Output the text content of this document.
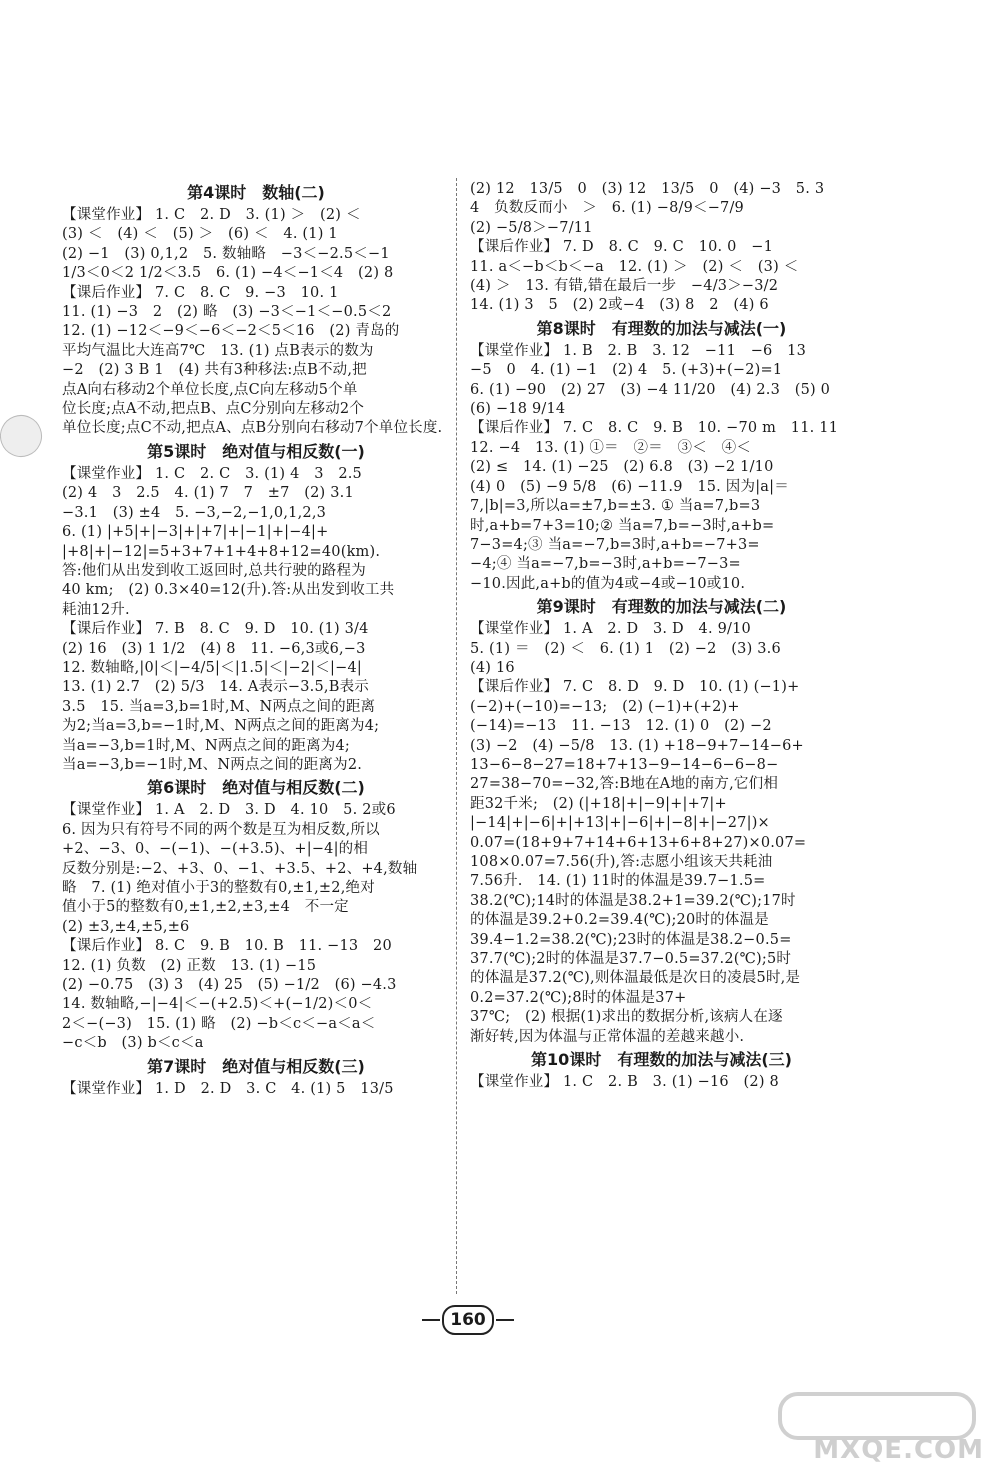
第4课时　数轴(二)

【课堂作业】 1. C　2. D　3. (1) ＞　(2) ＜

(3) ＜　(4) ＜　(5) ＞　(6) ＜　4. (1) 1

(2) −1　(3) 0,1,2　5. 数轴略　−3＜−2.5＜−1

1/3＜0＜2 1/2＜3.5　6. (1) −4＜−1＜4　(2) 8

【课后作业】 7. C　8. C　9. −3　10. 1

11. (1) −3　2　(2) 略　(3) −3＜−1＜−0.5＜2

12. (1) −12＜−9＜−6＜−2＜5＜16　(2) 青岛的

平均气温比大连高7℃　13. (1) 点B表示的数为

−2　(2) 3 B 1　(4) 共有3种移法:点B不动,把

点A向右移动2个单位长度,点C向左移动5个单

位长度;点A不动,把点B、点C分别向左移动2个

单位长度;点C不动,把点A、点B分别向右移动7个单位长度.

第5课时　绝对值与相反数(一)

【课堂作业】 1. C　2. C　3. (1) 4　3　2.5

(2) 4　3　2.5　4. (1) 7　7　±7　(2) 3.1

−3.1　(3) ±4　5. −3,−2,−1,0,1,2,3

6. (1) |+5|+|−3|+|+7|+|−1|+|−4|+

|+8|+|−12|=5+3+7+1+4+8+12=40(km).

答:他们从出发到收工返回时,总共行驶的路程为

40 km;　(2) 0.3×40=12(升).答:从出发到收工共

耗油12升.

【课后作业】 7. B　8. C　9. D　10. (1) 3/4

(2) 16　(3) 1 1/2　(4) 8　11. −6,3或6,−3

12. 数轴略,|0|＜|−4/5|＜|1.5|＜|−2|＜|−4|

13. (1) 2.7　(2) 5/3　14. A表示−3.5,B表示

3.5　15. 当a=3,b=1时,M、N两点之间的距离

为2;当a=3,b=−1时,M、N两点之间的距离为4;

当a=−3,b=1时,M、N两点之间的距离为4;

当a=−3,b=−1时,M、N两点之间的距离为2.

第6课时　绝对值与相反数(二)

【课堂作业】 1. A　2. D　3. D　4. 10　5. 2或6

6. 因为只有符号不同的两个数是互为相反数,所以

+2、−3、0、−(−1)、−(+3.5)、+|−4|的相

反数分别是:−2、+3、0、−1、+3.5、+2、+4,数轴

略　7. (1) 绝对值小于3的整数有0,±1,±2,绝对

值小于5的整数有0,±1,±2,±3,±4　不一定

(2) ±3,±4,±5,±6

【课后作业】 8. C　9. B　10. B　11. −13　20

12. (1) 负数　(2) 正数　13. (1) −15

(2) −0.75　(3) 3　(4) 25　(5) −1/2　(6) −4.3

14. 数轴略,−|−4|＜−(+2.5)＜+(−1/2)＜0＜

2＜−(−3)　15. (1) 略　(2) −b＜c＜−a＜a＜

−c＜b　(3) b＜c＜a

第7课时　绝对值与相反数(三)

【课堂作业】 1. D　2. D　3. C　4. (1) 5　13/5

(2) 12　13/5　0　(3) 12　13/5　0　(4) −3　5. 3

4　负数反而小　＞　6. (1) −8/9＜−7/9

(2) −5/8＞−7/11

【课后作业】 7. D　8. C　9. C　10. 0　−1

11. a＜−b＜b＜−a　12. (1) ＞　(2) ＜　(3) ＜

(4) ＞　13. 有错,错在最后一步　−4/3＞−3/2

14. (1) 3　5　(2) 2或−4　(3) 8　2　(4) 6

第8课时　有理数的加法与减法(一)

【课堂作业】 1. B　2. B　3. 12　−11　−6　13

−5　0　4. (1) −1　(2) 4　5. (+3)+(−2)=1

6. (1) −90　(2) 27　(3) −4 11/20　(4) 2.3　(5) 0

(6) −18 9/14

【课后作业】 7. C　8. C　9. B　10. −70 m　11. 11

12. −4　13. (1) ①＝　②＝　③＜　④＜

(2) ≤　14. (1) −25　(2) 6.8　(3) −2 1/10

(4) 0　(5) −9 5/8　(6) −11.9　15. 因为|a|＝

7,|b|=3,所以a=±7,b=±3. ① 当a=7,b=3

时,a+b=7+3=10;② 当a=7,b=−3时,a+b=

7−3=4;③ 当a=−7,b=3时,a+b=−7+3=

−4;④ 当a=−7,b=−3时,a+b=−7−3=

−10.因此,a+b的值为4或−4或−10或10.

第9课时　有理数的加法与减法(二)

【课堂作业】 1. A　2. D　3. D　4. 9/10

5. (1) ＝　(2) ＜　6. (1) 1　(2) −2　(3) 3.6

(4) 16

【课后作业】 7. C　8. D　9. D　10. (1) (−1)+

(−2)+(−10)=−13;　(2) (−1)+(+2)+

(−14)=−13　11. −13　12. (1) 0　(2) −2

(3) −2　(4) −5/8　13. (1) +18−9+7−14−6+

13−6−8−27=18+7+13−9−14−6−6−8−

27=38−70=−32,答:B地在A地的南方,它们相

距32千米;　(2) (|+18|+|−9|+|+7|+

|−14|+|−6|+|+13|+|−6|+|−8|+|−27|)×

0.07=(18+9+7+14+6+13+6+8+27)×0.07=

108×0.07=7.56(升),答:志愿小组该天共耗油

7.56升.　14. (1) 11时的体温是39.7−1.5=

38.2(℃);14时的体温是38.2+1=39.2(℃);17时

的体温是39.2+0.2=39.4(℃);20时的体温是

39.4−1.2=38.2(℃);23时的体温是38.2−0.5=

37.7(℃);2时的体温是37.7−0.5=37.2(℃);5时

的体温是37.2(℃),则体温最低是次日的凌晨5时,是

0.2=37.2(℃);8时的体温是37+

37℃;　(2) 根据(1)求出的数据分析,该病人在逐

渐好转,因为体温与正常体温的差越来越小.

第10课时　有理数的加法与减法(三)

【课堂作业】 1. C　2. B　3. (1) −16　(2) 8

160
MXQE.COM
